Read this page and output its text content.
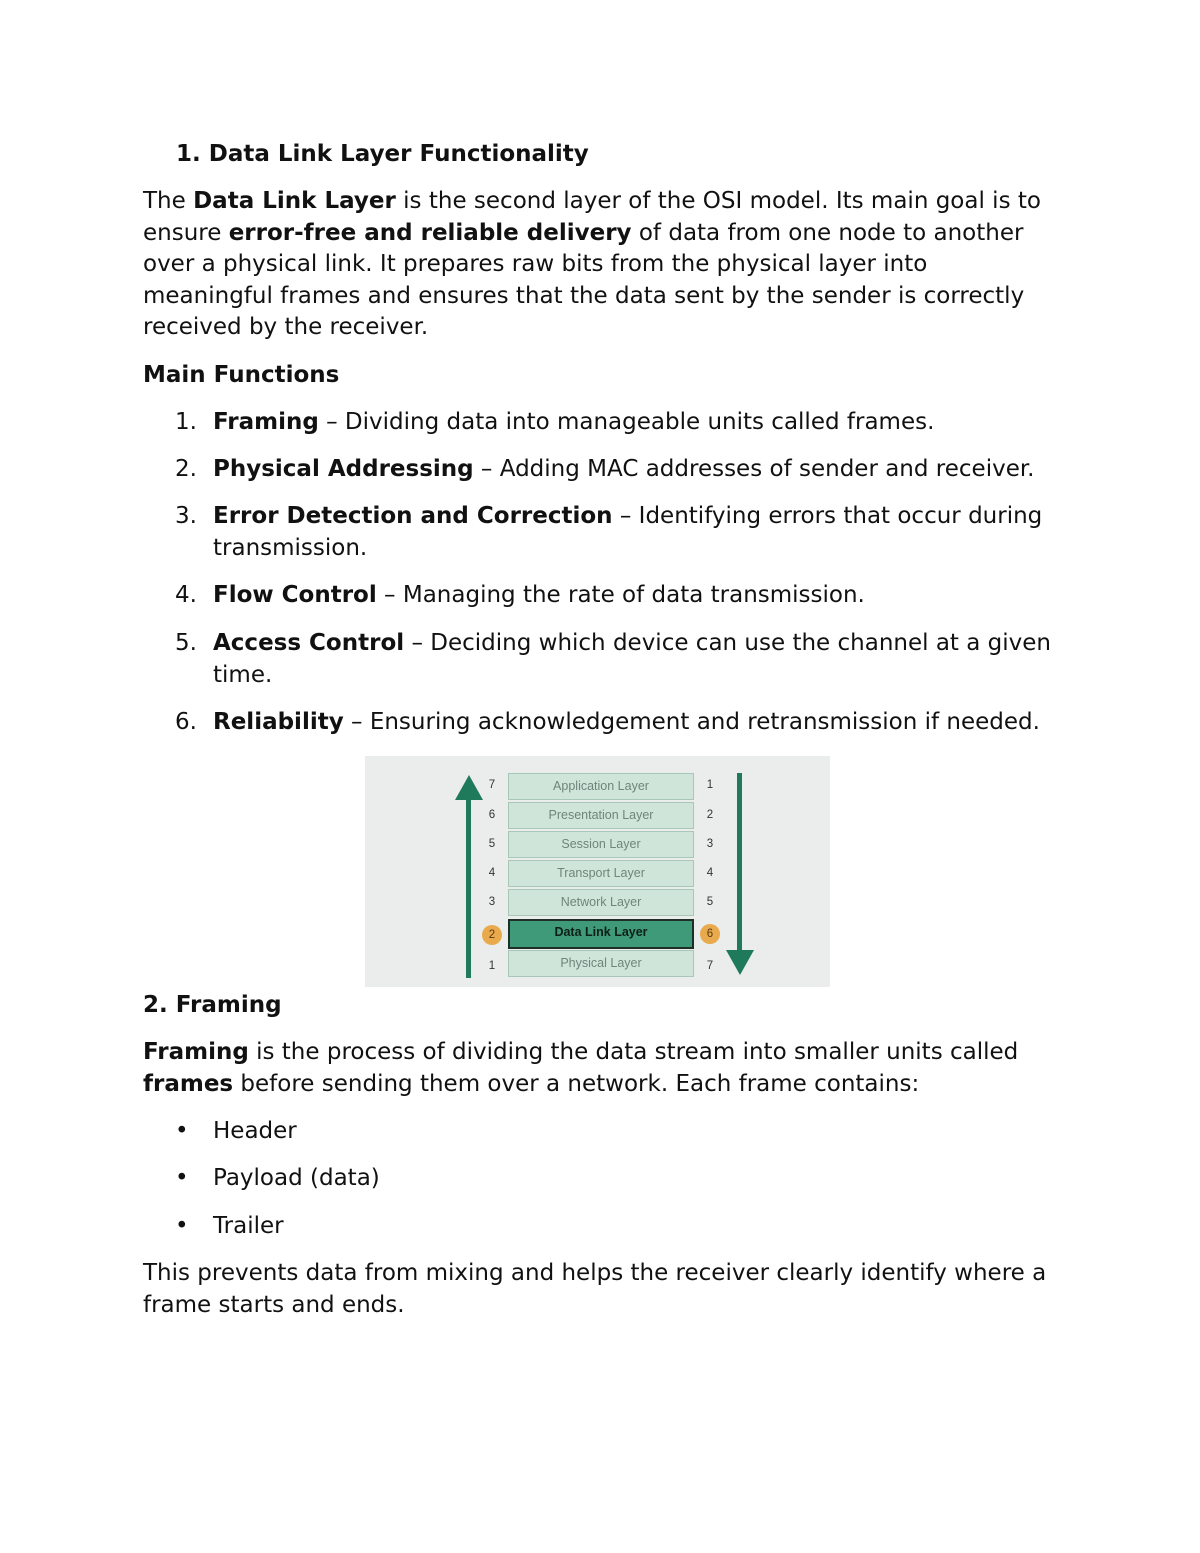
1. Data Link Layer Functionality
The Data Link Layer is the second layer of the OSI model. Its main goal is to ensure error-free and reliable delivery of data from one node to another over a physical link. It prepares raw bits from the physical layer into meaningful frames and ensures that the data sent by the sender is correctly received by the receiver.
Main Functions
1. Framing – Dividing data into manageable units called frames.
2. Physical Addressing – Adding MAC addresses of sender and receiver.
3. Error Detection and Correction – Identifying errors that occur during transmission.
4. Flow Control – Managing the rate of data transmission.
5. Access Control – Deciding which device can use the channel at a given time.
6. Reliability – Ensuring acknowledgement and retransmission if needed.
7	Application Layer	1
6	Presentation Layer	2
5	Session Layer	3
4	Transport Layer	4
3	Network Layer	5
2	Data Link Layer	6
1	Physical Layer	7
2. Framing
Framing is the process of dividing the data stream into smaller units called frames before sending them over a network. Each frame contains:
• Header
• Payload (data)
• Trailer
This prevents data from mixing and helps the receiver clearly identify where a frame starts and ends.
